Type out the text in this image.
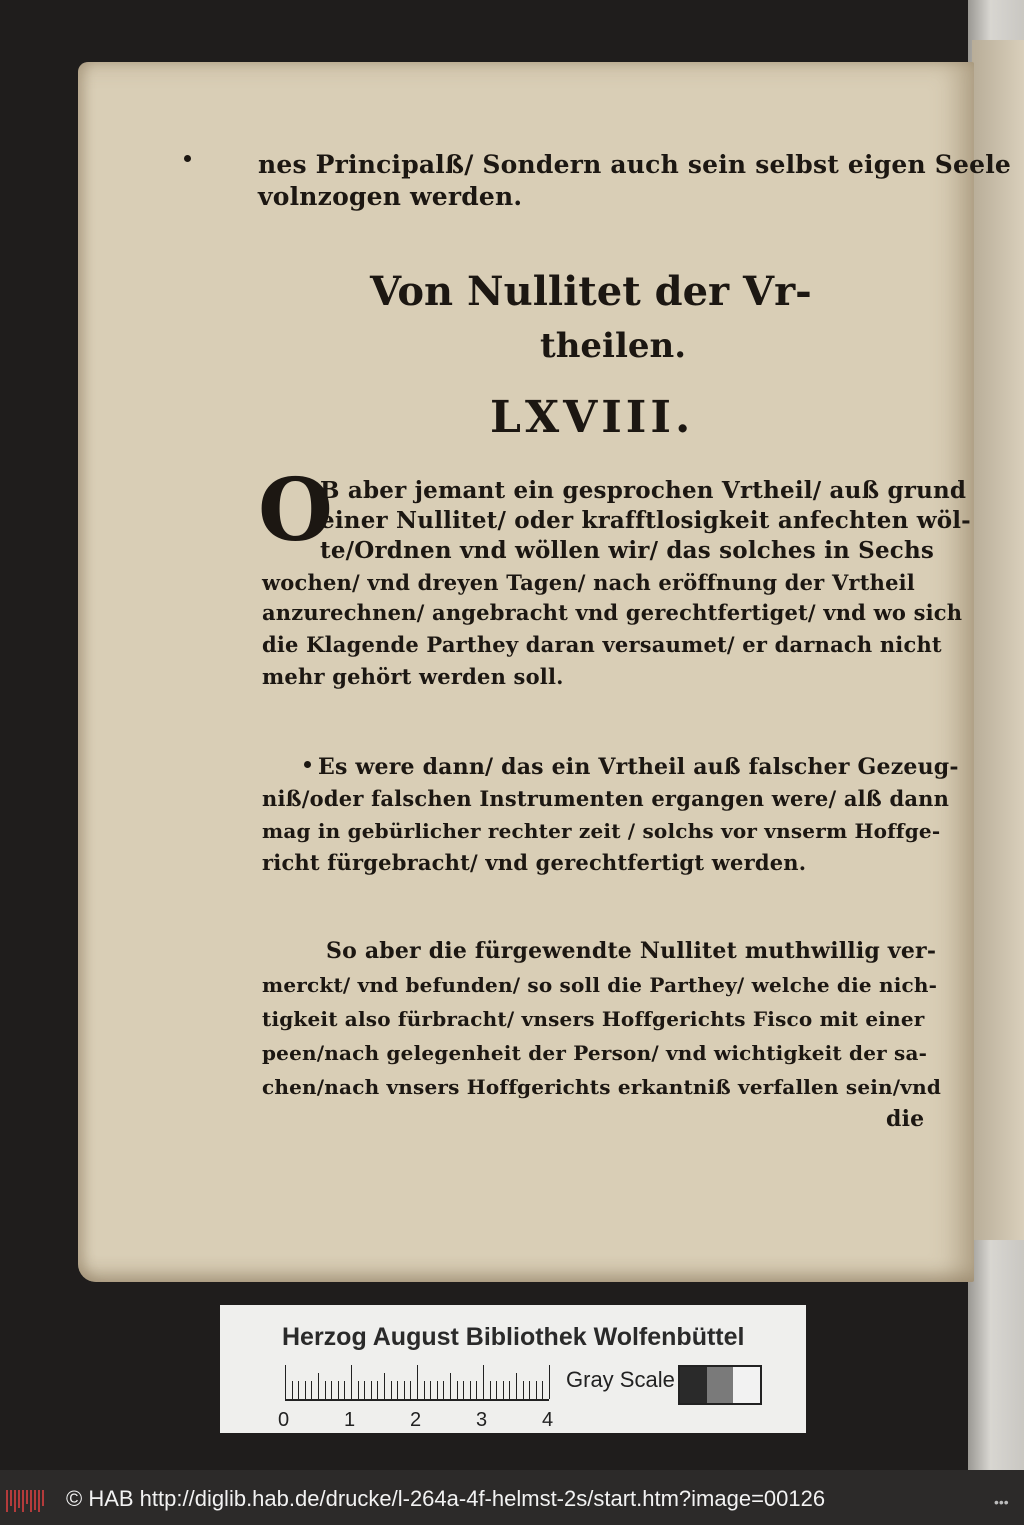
nes Principalß/ Sondern auch sein selbst eigen Seele
volnzogen werden.
Von Nullitet der Vr-
theilen.
LXVIII.
O
B aber jemant ein gesprochen Vrtheil/ auß grund
einer Nullitet/ oder krafftlosigkeit anfechten wöl-
te/Ordnen vnd wöllen wir/ das solches in Sechs
wochen/ vnd dreyen Tagen/ nach eröffnung der Vrtheil
anzurechnen/ angebracht vnd gerechtfertiget/ vnd wo sich
die Klagende Parthey daran versaumet/ er darnach nicht
mehr gehört werden soll.
Es were dann/ das ein Vrtheil auß falscher Gezeug-
niß/oder falschen Instrumenten ergangen were/ alß dann
mag in gebürlicher rechter zeit / solchs vor vnserm Hoffge-
richt fürgebracht/ vnd gerechtfertigt werden.
So aber die fürgewendte Nullitet muthwillig ver-
merckt/ vnd befunden/ so soll die Parthey/ welche die nich-
tigkeit also fürbracht/ vnsers Hoffgerichts Fisco mit einer
peen/nach gelegenheit der Person/ vnd wichtigkeit der sa-
chen/nach vnsers Hoffgerichts erkantniß verfallen sein/vnd
die
Herzog August Bibliothek Wolfenbüttel
0	1	2	3	4
Gray Scale
© HAB http://diglib.hab.de/drucke/l-264a-4f-helmst-2s/start.htm?image=00126	•••
